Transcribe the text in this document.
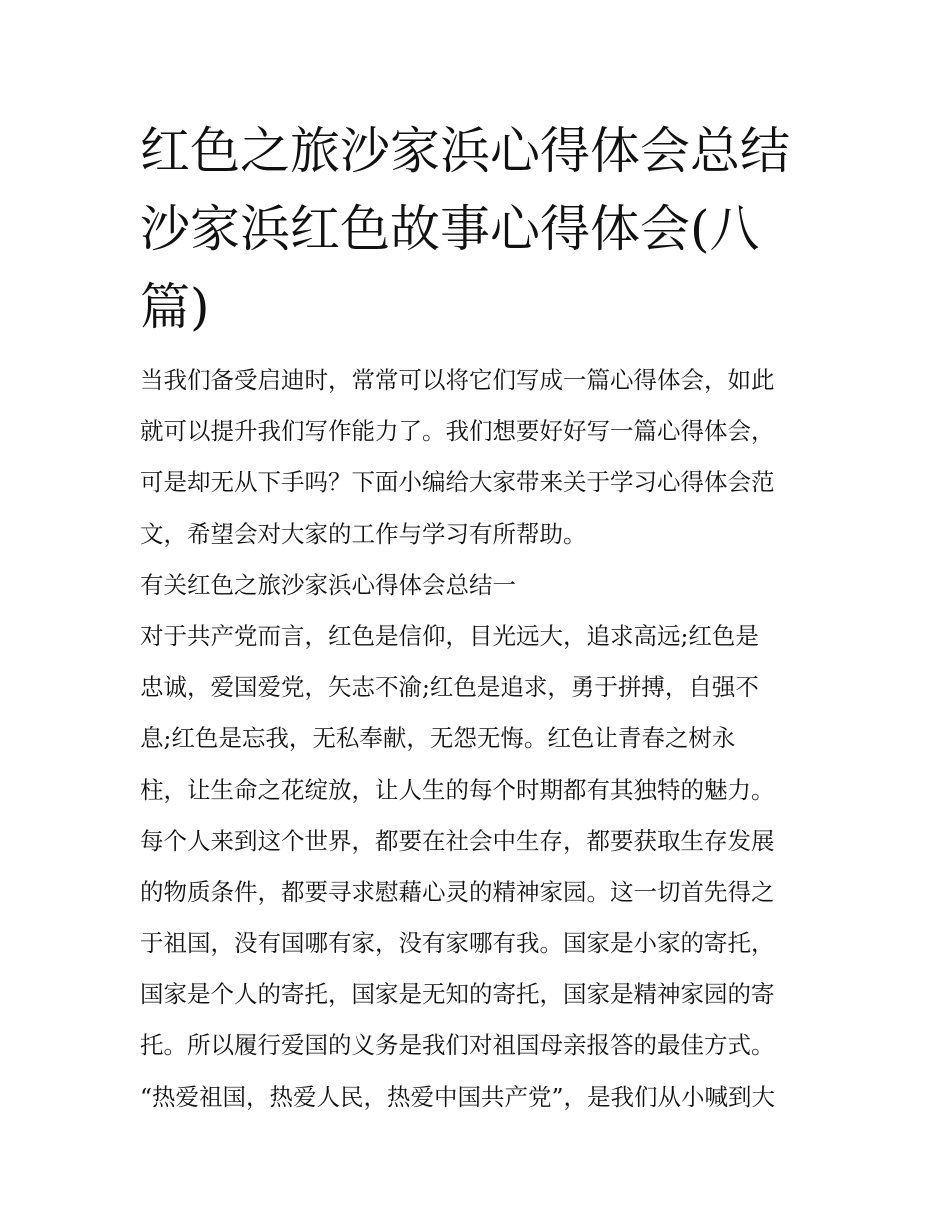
红色之旅沙家浜心得体会总结
沙家浜红色故事心得体会(八
篇)
当我们备受启迪时，常常可以将它们写成一篇心得体会，如此
就可以提升我们写作能力了。我们想要好好写一篇心得体会，
可是却无从下手吗？下面小编给大家带来关于学习心得体会范
文，希望会对大家的工作与学习有所帮助。
有关红色之旅沙家浜心得体会总结一
对于共产党而言，红色是信仰，目光远大，追求高远;红色是
忠诚，爱国爱党，矢志不渝;红色是追求，勇于拼搏，自强不
息;红色是忘我，无私奉献，无怨无悔。红色让青春之树永
柱，让生命之花绽放，让人生的每个时期都有其独特的魅力。
每个人来到这个世界，都要在社会中生存，都要获取生存发展
的物质条件，都要寻求慰藉心灵的精神家园。这一切首先得之
于祖国，没有国哪有家，没有家哪有我。国家是小家的寄托，
国家是个人的寄托，国家是无知的寄托，国家是精神家园的寄
托。所以履行爱国的义务是我们对祖国母亲报答的最佳方式。
“热爱祖国，热爱人民，热爱中国共产党”，是我们从小喊到大
